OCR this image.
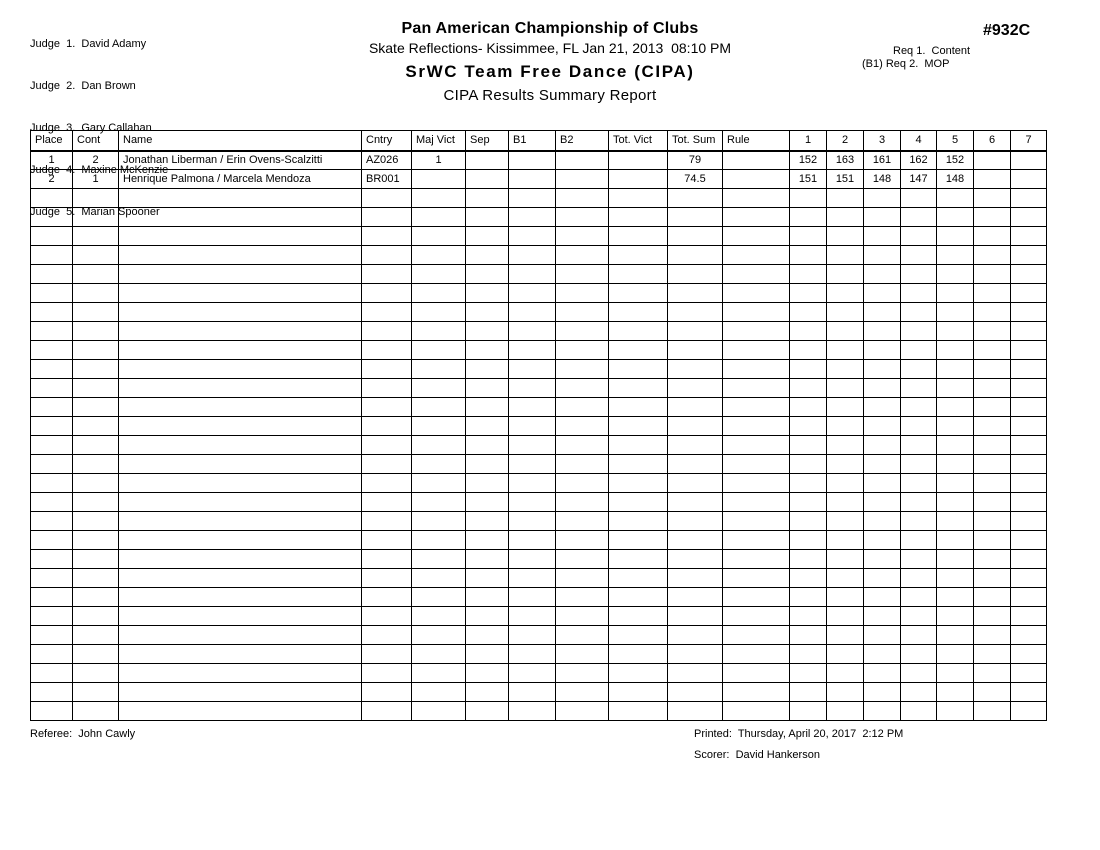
Judge  1.  David Adamy

Judge  2.  Dan Brown

Judge  3.  Gary Callahan

Judge  4.  Maxine McKenzie

Judge  5.  Marian Spooner

Pan American Championship of Clubs
Skate Reflections- Kissimmee, FL Jan 21, 2013  08:10 PM
SrWC Team Free Dance (CIPA)
CIPA Results Summary Report
#932C
Req 1.  Content
(B1) Req 2.  MOP
Place	Cont	Name	Cntry	Maj Vict	Sep	B1	B2	Tot. Vict	Tot. Sum	Rule	1	2	3	4	5	6	7
1	2	Jonathan Liberman / Erin Ovens-Scalzitti	AZ026	1					79		152	163	161	162	152		
2	1	Henrique Palmona / Marcela Mendoza	BR001						74.5		151	151	148	147	148		

Referee:  John Cawly	Printed:  Thursday, April 20, 2017  2:12 PM
Scorer:  David Hankerson
